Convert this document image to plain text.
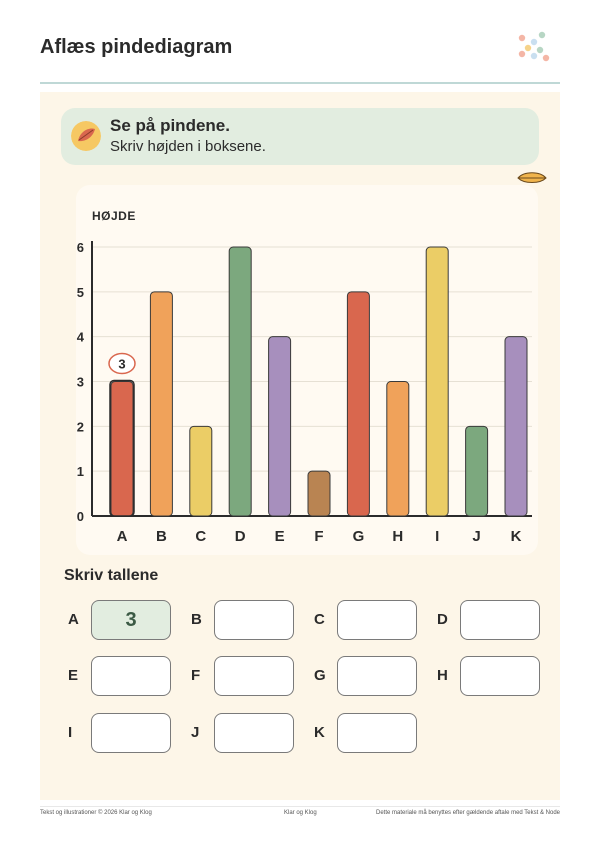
Aflæs pindediagram
Se på pindene.
Skriv højden i boksene.
HØJDE
0
1
2
3
4
5
6
A B C D E F G H I J K
3
Skriv tallene
A	3	B	C	D
E	F	G	H
I	J	K
Tekst og illustrationer © 2026 Klar og Klog	Klar og Klog	Dette materiale må benyttes efter gældende aftale med Tekst & Node
